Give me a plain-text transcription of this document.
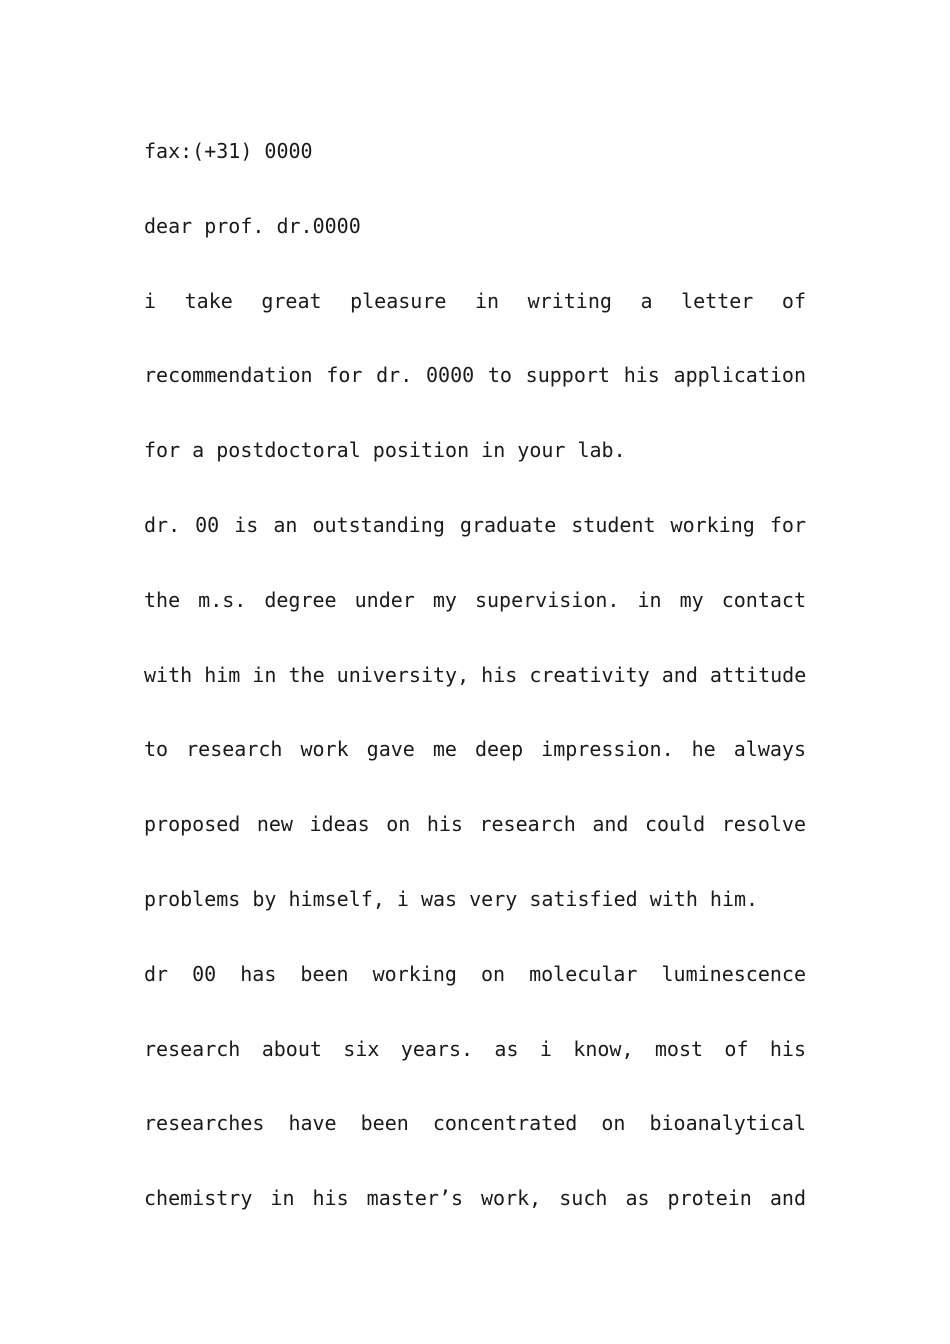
fax:(+31) 0000
dear prof. dr.0000
i take great pleasure in writing a letter of
recommendation for dr. 0000 to support his application
for a postdoctoral position in your lab.
dr. 00 is an outstanding graduate student working for
the m.s. degree under my supervision. in my contact
with him in the university, his creativity and attitude
to research work gave me deep impression. he always
proposed new ideas on his research and could resolve
problems by himself, i was very satisfied with him.
dr 00 has been working on molecular luminescence
research about six years. as i know, most of his
researches have been concentrated on bioanalytical
chemistry in his master’s work, such as protein and
